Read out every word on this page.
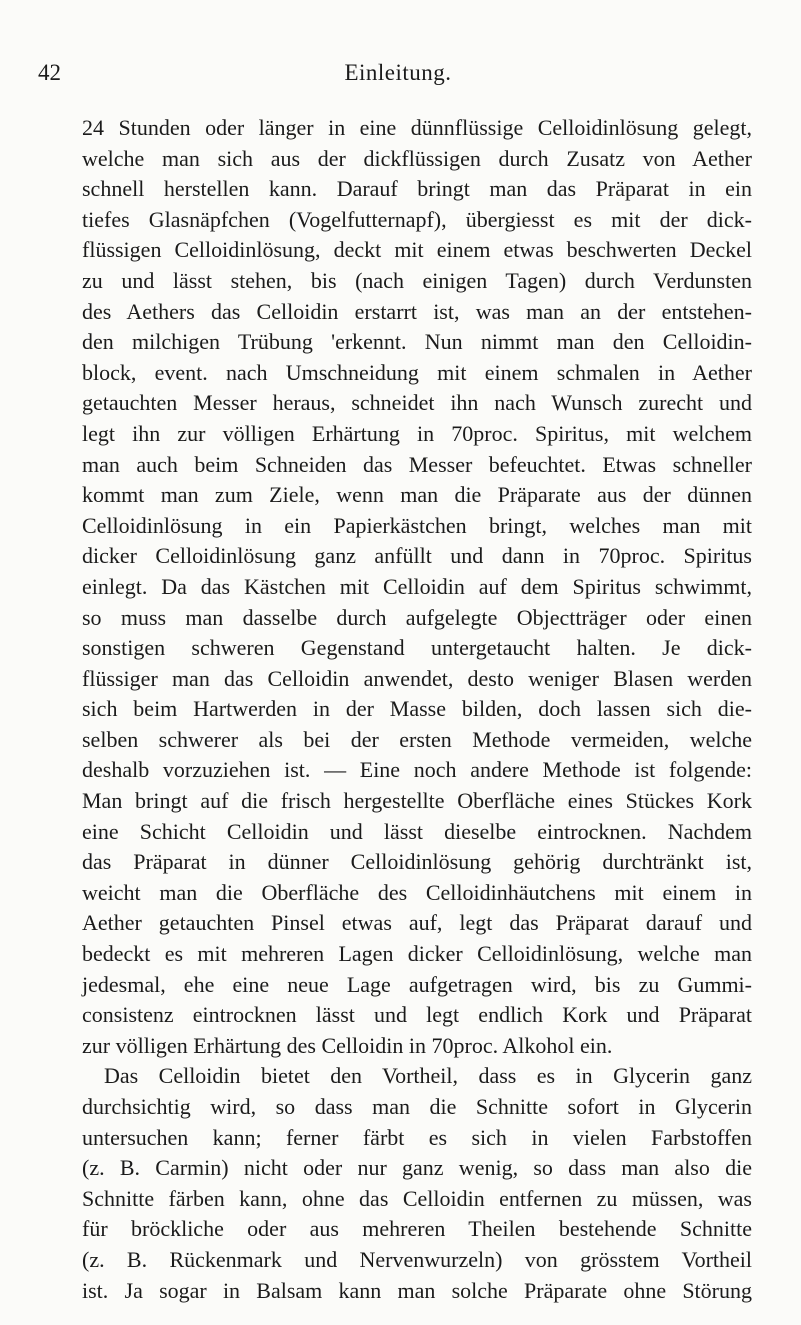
42	Einleitung.
24 Stunden oder länger in eine dünnflüssige Celloidinlösung gelegt,
welche man sich aus der dickflüssigen durch Zusatz von Aether
schnell herstellen kann. Darauf bringt man das Präparat in ein
tiefes Glasnäpfchen (Vogelfutternapf), übergiesst es mit der dick-
flüssigen Celloidinlösung, deckt mit einem etwas beschwerten Deckel
zu und lässt stehen, bis (nach einigen Tagen) durch Verdunsten
des Aethers das Celloidin erstarrt ist, was man an der entstehen-
den milchigen Trübung 'erkennt. Nun nimmt man den Celloidin-
block, event. nach Umschneidung mit einem schmalen in Aether
getauchten Messer heraus, schneidet ihn nach Wunsch zurecht und
legt ihn zur völligen Erhärtung in 70proc. Spiritus, mit welchem
man auch beim Schneiden das Messer befeuchtet. Etwas schneller
kommt man zum Ziele, wenn man die Präparate aus der dünnen
Celloidinlösung in ein Papierkästchen bringt, welches man mit
dicker Celloidinlösung ganz anfüllt und dann in 70proc. Spiritus
einlegt. Da das Kästchen mit Celloidin auf dem Spiritus schwimmt,
so muss man dasselbe durch aufgelegte Objectträger oder einen
sonstigen schweren Gegenstand untergetaucht halten. Je dick-
flüssiger man das Celloidin anwendet, desto weniger Blasen werden
sich beim Hartwerden in der Masse bilden, doch lassen sich die-
selben schwerer als bei der ersten Methode vermeiden, welche
deshalb vorzuziehen ist. — Eine noch andere Methode ist folgende:
Man bringt auf die frisch hergestellte Oberfläche eines Stückes Kork
eine Schicht Celloidin und lässt dieselbe eintrocknen. Nachdem
das Präparat in dünner Celloidinlösung gehörig durchtränkt ist,
weicht man die Oberfläche des Celloidinhäutchens mit einem in
Aether getauchten Pinsel etwas auf, legt das Präparat darauf und
bedeckt es mit mehreren Lagen dicker Celloidinlösung, welche man
jedesmal, ehe eine neue Lage aufgetragen wird, bis zu Gummi-
consistenz eintrocknen lässt und legt endlich Kork und Präparat
zur völligen Erhärtung des Celloidin in 70proc. Alkohol ein.
Das Celloidin bietet den Vortheil, dass es in Glycerin ganz
durchsichtig wird, so dass man die Schnitte sofort in Glycerin
untersuchen kann; ferner färbt es sich in vielen Farbstoffen
(z. B. Carmin) nicht oder nur ganz wenig, so dass man also die
Schnitte färben kann, ohne das Celloidin entfernen zu müssen, was
für bröckliche oder aus mehreren Theilen bestehende Schnitte
(z. B. Rückenmark und Nervenwurzeln) von grösstem Vortheil
ist. Ja sogar in Balsam kann man solche Präparate ohne Störung
